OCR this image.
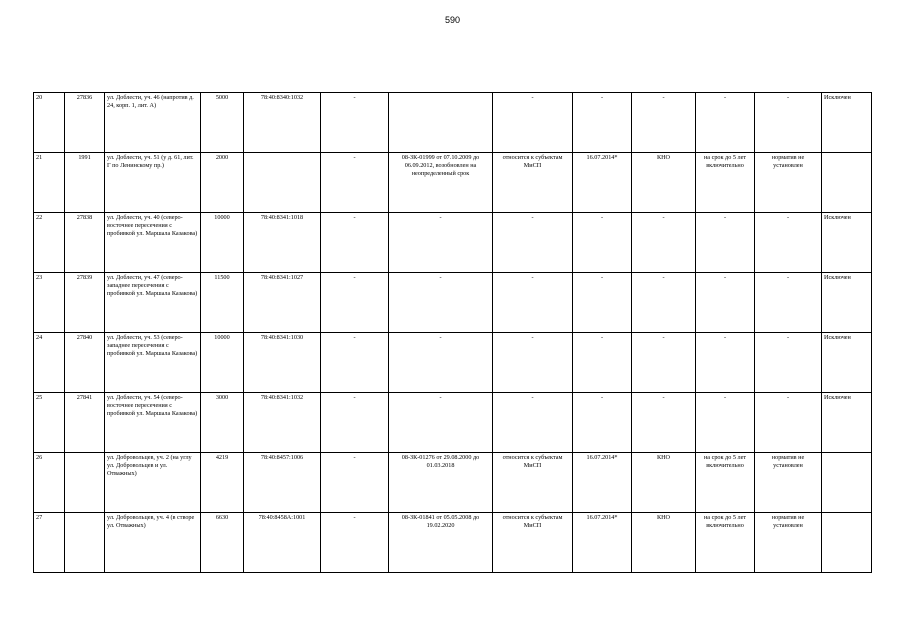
590
20	27836	ул. Доблести, уч. 46 (напротив д. 24, корп. 1, лит. А)	5000	78:40:8340:1032	-		-	-	-	-	-	Исключен
21	1991	ул. Доблести, уч. 51 (у д. 61, лит. Г по Ленинскому пр.)	2000		-	08-ЗК-01999 от 07.10.2009 до 06.09.2012, возобновлен на неопределенный срок	относится к субъектам МиСП	16.07.2014*	КНО	на срок до 5 лет включительно	норматив не установлен	
22	27838	ул. Доблести, уч. 40 (северо-восточнее пересечения с пробивкой ул. Маршала Казакова)	10000	78:40:8341:1018	-	-	-	-	-	-	-	Исключен
23	27839	ул. Доблести, уч. 47 (северо-западнее пересечения с пробивкой ул. Маршала Казакова)	11500	78:40:8341:1027	-	-	-	-	-	-	-	Исключен
24	27840	ул. Доблести, уч. 53 (северо-западнее пересечения с пробивкой ул. Маршала Казакова)	10000	78:40:8341:1030	-	-	-	-	-	-	-	Исключен
25	27841	ул. Доблести, уч. 54 (северо-восточнее пересечения с пробивкой ул. Маршала Казакова)	3000	78:40:8341:1032	-	-	-	-	-	-	-	Исключен
26		ул. Добровольцев, уч. 2 (на углу ул. Добровольцев и ул. Отважных)	4219	78:40:8457:1006	-	08-ЗК-01276 от 29.08.2000 до 01.03.2018	относится к субъектам МиСП	16.07.2014*	КНО	на срок до 5 лет включительно	норматив не установлен	
27		ул. Добровольцев, уч. 4 (в створе ул. Отважных)	6630	78:40:8458А:1001	-	08-ЗК-01841 от 05.05.2008 до 19.02.2020	относится к субъектам МиСП	16.07.2014*	КНО	на срок до 5 лет включительно	норматив не установлен	
